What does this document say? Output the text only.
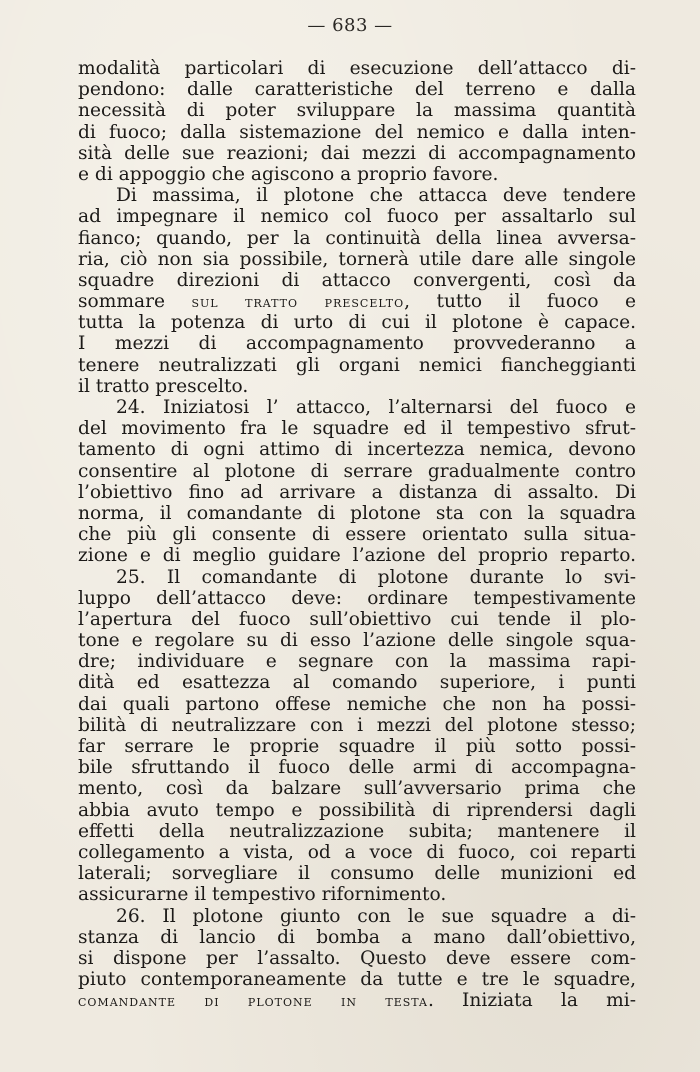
— 683 —
modalità particolari di esecuzione dell’attacco di-
pendono: dalle caratteristiche del terreno e dalla
necessità di poter sviluppare la massima quantità
di fuoco; dalla sistemazione del nemico e dalla inten-
sità delle sue reazioni; dai mezzi di accompagnamento
e di appoggio che agiscono a proprio favore.
Di massima, il plotone che attacca deve tendere
ad impegnare il nemico col fuoco per assaltarlo sul
fianco; quando, per la continuità della linea avversa-
ria, ciò non sia possibile, tornerà utile dare alle singole
squadre direzioni di attacco convergenti, così da
sommare sul tratto prescelto, tutto il fuoco e
tutta la potenza di urto di cui il plotone è capace.
I mezzi di accompagnamento provvederanno a
tenere neutralizzati gli organi nemici fiancheggianti
il tratto prescelto.
24. Iniziatosi l’ attacco, l’alternarsi del fuoco e
del movimento fra le squadre ed il tempestivo sfrut-
tamento di ogni attimo di incertezza nemica, devono
consentire al plotone di serrare gradualmente contro
l’obiettivo fino ad arrivare a distanza di assalto. Di
norma, il comandante di plotone sta con la squadra
che più gli consente di essere orientato sulla situa-
zione e di meglio guidare l’azione del proprio reparto.
25. Il comandante di plotone durante lo svi-
luppo dell’attacco deve: ordinare tempestivamente
l’apertura del fuoco sull’obiettivo cui tende il plo-
tone e regolare su di esso l’azione delle singole squa-
dre; individuare e segnare con la massima rapi-
dità ed esattezza al comando superiore, i punti
dai quali partono offese nemiche che non ha possi-
bilità di neutralizzare con i mezzi del plotone stesso;
far serrare le proprie squadre il più sotto possi-
bile sfruttando il fuoco delle armi di accompagna-
mento, così da balzare sull’avversario prima che
abbia avuto tempo e possibilità di riprendersi dagli
effetti della neutralizzazione subita; mantenere il
collegamento a vista, od a voce di fuoco, coi reparti
laterali; sorvegliare il consumo delle munizioni ed
assicurarne il tempestivo rifornimento.
26. Il plotone giunto con le sue squadre a di-
stanza di lancio di bomba a mano dall’obiettivo,
si dispone per l’assalto. Questo deve essere com-
piuto contemporaneamente da tutte e tre le squadre,
comandante di plotone in testa. Iniziata la mi-
